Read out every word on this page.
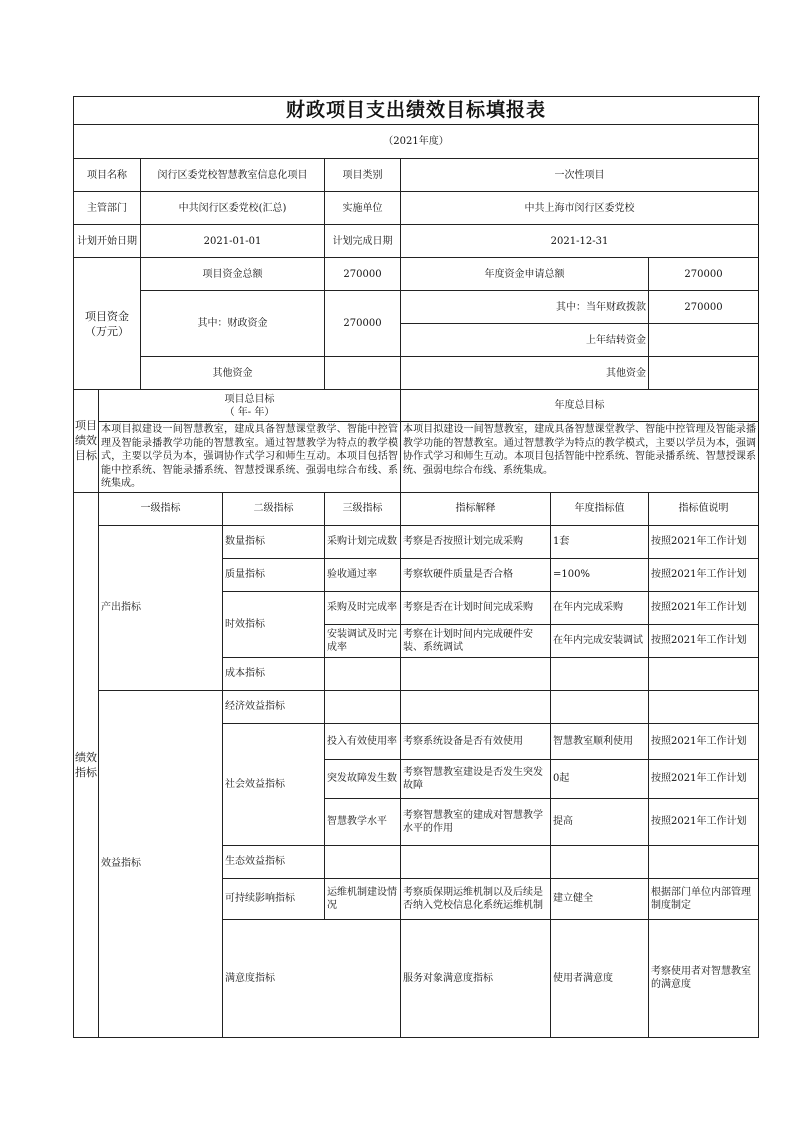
财政项目支出绩效目标填报表
（2021年度）
项目名称	闵行区委党校智慧教室信息化项目	项目类别	一次性项目
主管部门	中共闵行区委党校(汇总)	实施单位	中共上海市闵行区委党校
计划开始日期	2021-01-01	计划完成日期	2021-12-31
项目资金
（万元）	项目资金总额	270000	年度资金申请总额	270000
其中：财政资金	270000	其中：当年财政拨款	270000
上年结转资金	
其他资金		其他资金	
项目绩效目标	项目总目标
（ 年- 年）	年度总目标
本项目拟建设一间智慧教室，建成具备智慧课堂教学、智能中控管理及智能录播教学功能的智慧教室。通过智慧教学为特点的教学模式，主要以学员为本，强调协作式学习和师生互动。本项目包括智能中控系统、智能录播系统、智慧授课系统、强弱电综合布线、系统集成。	本项目拟建设一间智慧教室，建成具备智慧课堂教学、智能中控管理及智能录播教学功能的智慧教室。通过智慧教学为特点的教学模式，主要以学员为本，强调协作式学习和师生互动。本项目包括智能中控系统、智能录播系统、智慧授课系统、强弱电综合布线、系统集成。
绩效指标	一级指标	二级指标	三级指标	指标解释	年度指标值	指标值说明
产出指标	数量指标	采购计划完成数	考察是否按照计划完成采购	1套	按照2021年工作计划
质量指标	验收通过率	考察软硬件质量是否合格	=100%	按照2021年工作计划
时效指标	采购及时完成率	考察是否在计划时间完成采购	在年内完成采购	按照2021年工作计划
安装调试及时完成率	考察在计划时间内完成硬件安装、系统调试	在年内完成安装调试	按照2021年工作计划
成本指标				
效益指标	经济效益指标				
社会效益指标	投入有效使用率	考察系统设备是否有效使用	智慧教室顺利使用	按照2021年工作计划
突发故障发生数	考察智慧教室建设是否发生突发故障	0起	按照2021年工作计划
智慧教学水平	考察智慧教室的建成对智慧教学水平的作用	提高	按照2021年工作计划
生态效益指标				
可持续影响指标	运维机制建设情况	考察质保期运维机制以及后续是否纳入党校信息化系统运维机制	建立健全	根据部门单位内部管理制度制定
满意度指标	服务对象满意度指标	使用者满意度	考察使用者对智慧教室的满意度		
